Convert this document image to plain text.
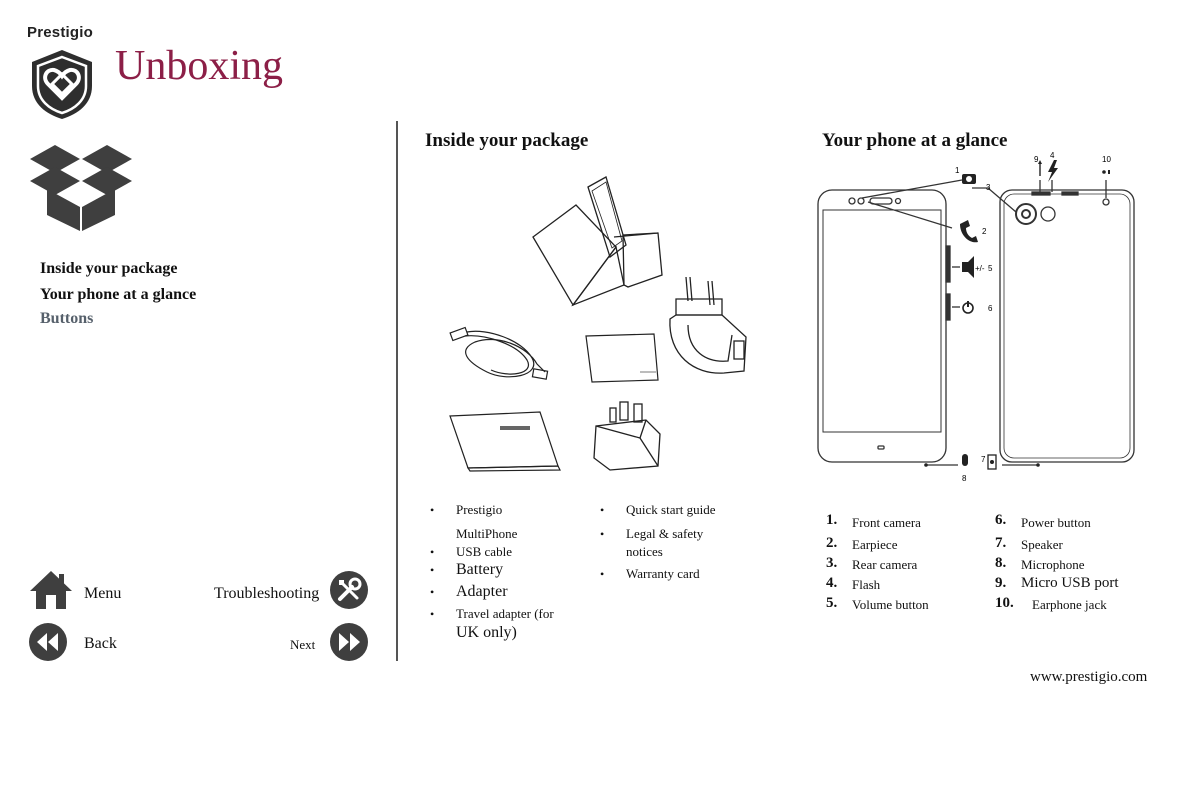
Prestigio
Unboxing
Inside your package
Your phone at a glance
Buttons
Menu	Troubleshooting
Back	Next
Inside your package
• Prestigio
MultiPhone
• USB cable
• Battery
• Adapter
• Travel adapter (for
UK only)
• Quick start guide
• Legal & safety
notices
• Warranty card
Your phone at a glance
1
2
3
4
5
6
7
8
9	10
+/-
1. Front camera
2. Earpiece
3. Rear camera
4. Flash
5. Volume button
6. Power button
7. Speaker
8. Microphone
9. Micro USB port
10. Earphone jack
www.prestigio.com
